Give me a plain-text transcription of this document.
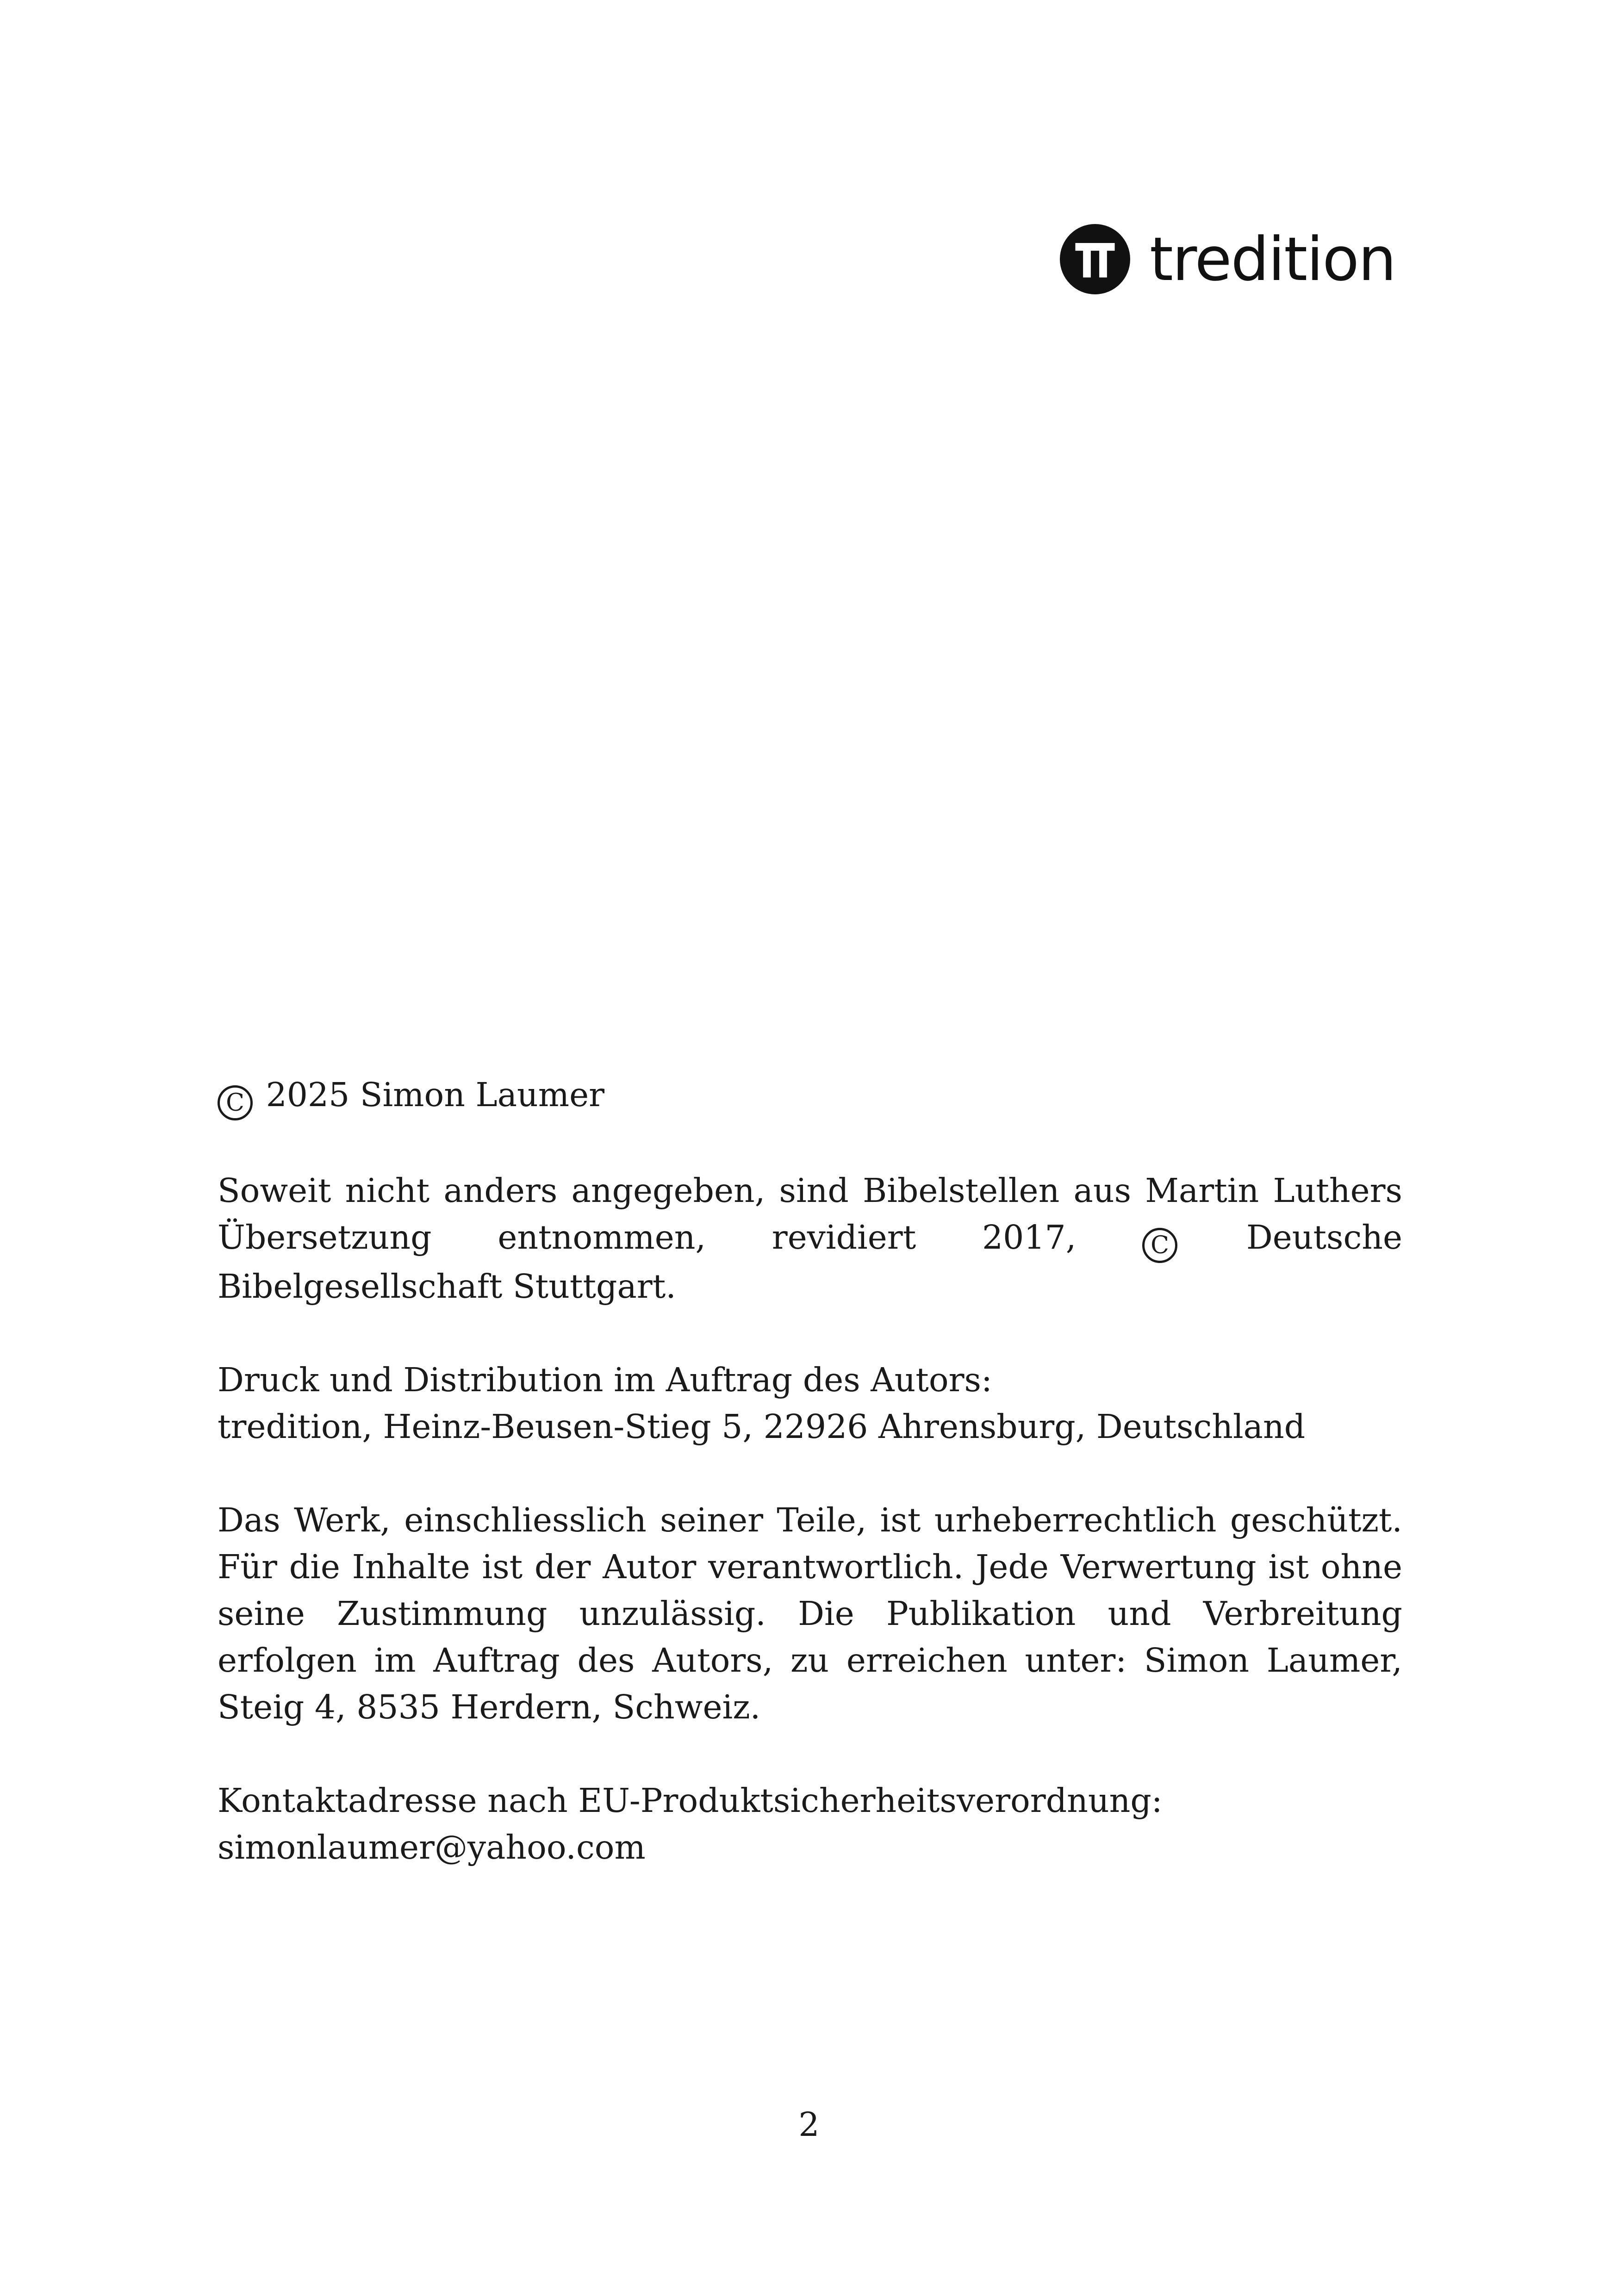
tredition

C 2025 Simon Laumer

Soweit nicht anders angegeben, sind Bibelstellen aus Martin Luthers Übersetzung entnommen, revidiert 2017,	C Deutsche Bibelgesellschaft Stuttgart.

Druck und Distribution im Auftrag des Autors:
tredition, Heinz-Beusen-Stieg 5, 22926 Ahrensburg, Deutschland

Das Werk, einschliesslich seiner Teile, ist urheberrechtlich geschützt. Für die Inhalte ist der Autor verantwortlich. Jede Verwertung ist ohne seine Zustimmung unzulässig. Die Publikation und Verbreitung erfolgen im Auftrag des Autors, zu erreichen unter: Simon Laumer, Steig 4, 8535 Herdern, Schweiz.

Kontaktadresse nach EU-Produktsicherheitsverordnung:
simonlaumer@yahoo.com

2
